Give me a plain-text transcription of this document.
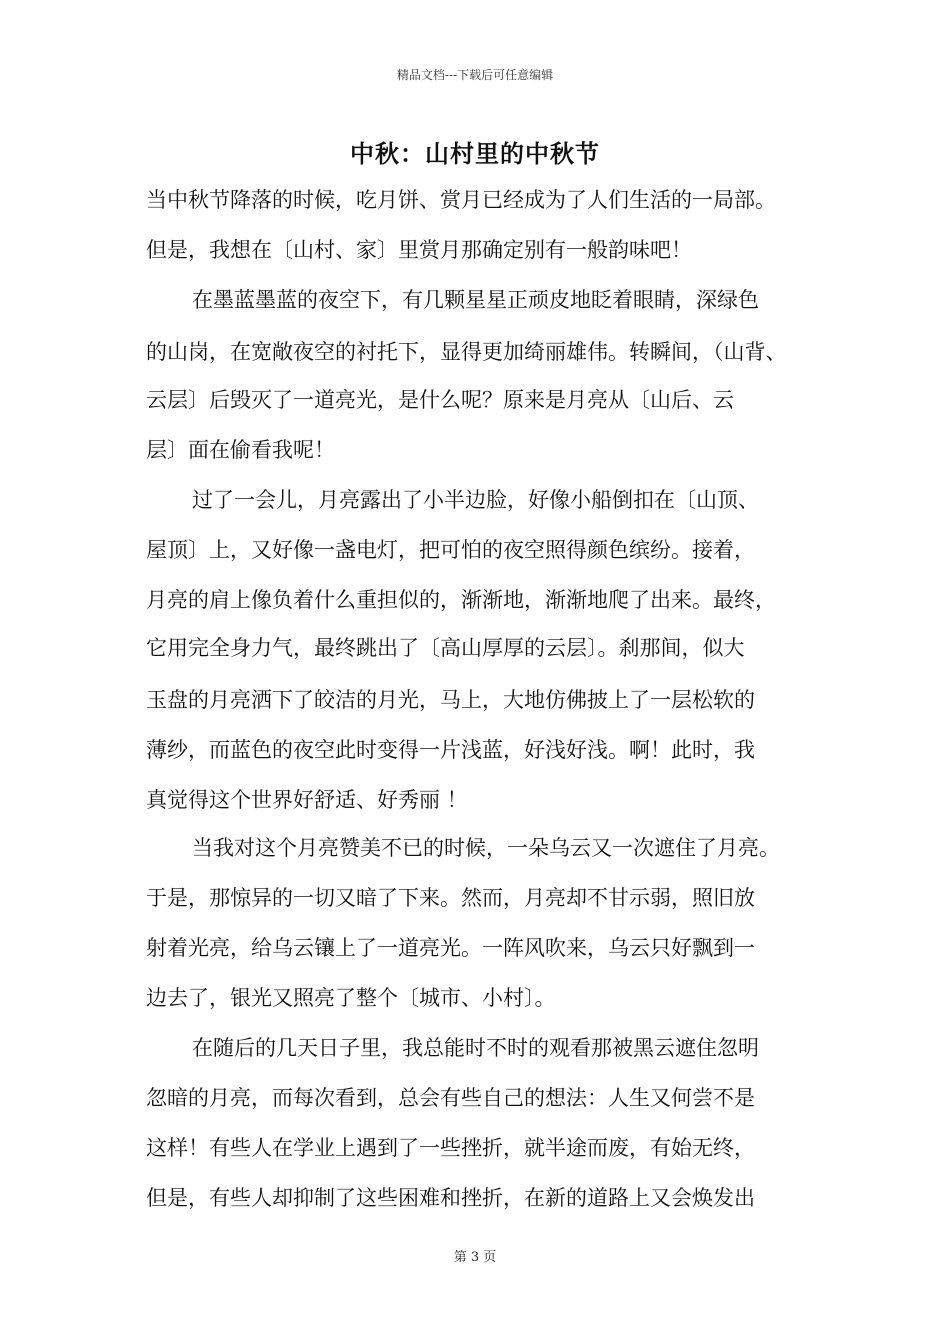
精品文档---下载后可任意编辑
中秋：山村里的中秋节
当中秋节降落的时候，吃月饼、赏月已经成为了人们生活的一局部。
但是，我想在〔山村、家〕里赏月那确定别有一般韵味吧！
在墨蓝墨蓝的夜空下，有几颗星星正顽皮地眨着眼睛，深绿色
的山岗，在宽敞夜空的衬托下，显得更加绮丽雄伟。转瞬间，（山背、
云层〕后毁灭了一道亮光，是什么呢？原来是月亮从〔山后、云
层〕面在偷看我呢！
过了一会儿，月亮露出了小半边脸，好像小船倒扣在〔山顶、
屋顶〕上，又好像一盏电灯，把可怕的夜空照得颜色缤纷。接着，
月亮的肩上像负着什么重担似的，渐渐地，渐渐地爬了出来。最终，
它用完全身力气，最终跳出了〔高山厚厚的云层〕。刹那间，似大
玉盘的月亮洒下了皎洁的月光，马上，大地仿佛披上了一层松软的
薄纱，而蓝色的夜空此时变得一片浅蓝，好浅好浅。啊！此时，我
真觉得这个世界好舒适、好秀丽 ！
当我对这个月亮赞美不已的时候，一朵乌云又一次遮住了月亮。
于是，那惊异的一切又暗了下来。然而，月亮却不甘示弱，照旧放
射着光亮，给乌云镶上了一道亮光。一阵风吹来，乌云只好飘到一
边去了，银光又照亮了整个〔城市、小村〕。
在随后的几天日子里，我总能时不时的观看那被黑云遮住忽明
忽暗的月亮，而每次看到，总会有些自己的想法：人生又何尝不是
这样！有些人在学业上遇到了一些挫折，就半途而废，有始无终，
但是，有些人却抑制了这些困难和挫折，在新的道路上又会焕发出
第 3 页
